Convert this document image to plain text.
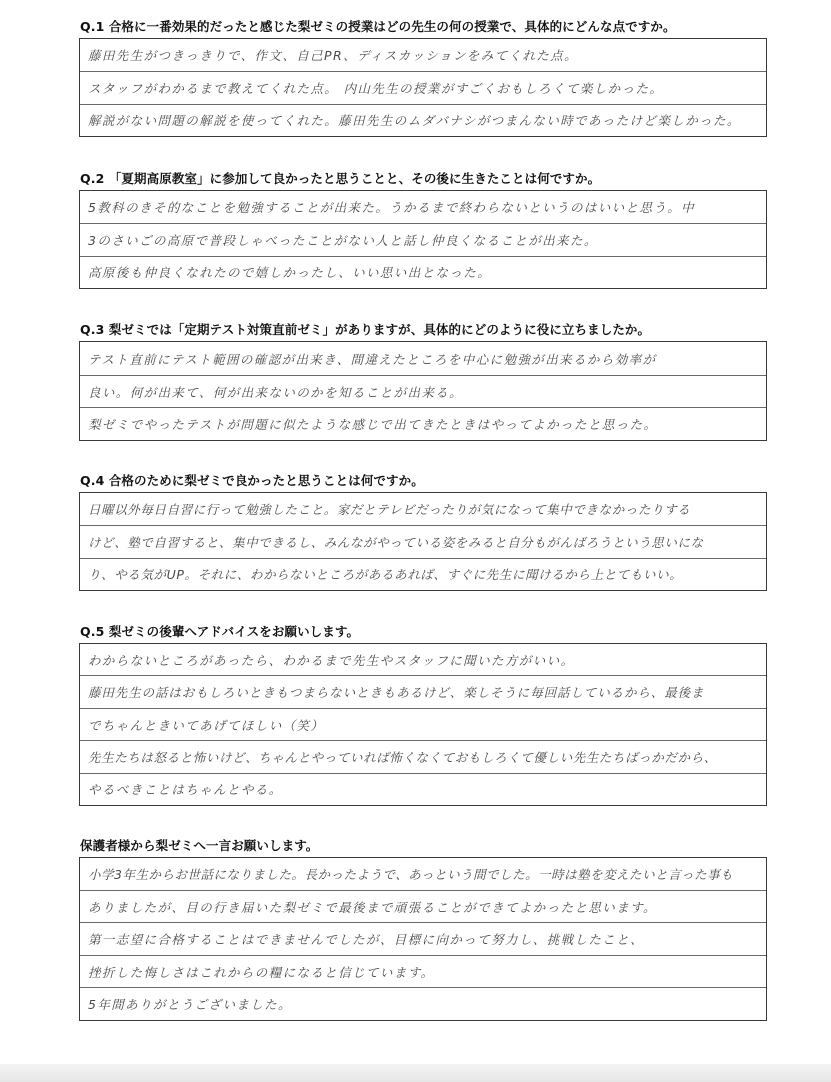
Q.1 合格に一番効果的だったと感じた梨ゼミの授業はどの先生の何の授業で、具体的にどんな点ですか。
藤田先生がつきっきりで、作文、自己PR、ディスカッションをみてくれた点。
スタッフがわかるまで教えてくれた点。 内山先生の授業がすごくおもしろくて楽しかった。
解説がない問題の解説を使ってくれた。藤田先生のムダバナシがつまんない時であったけど楽しかった。
Q.2 「夏期高原教室」に参加して良かったと思うことと、その後に生きたことは何ですか。
5教科のきそ的なことを勉強することが出来た。うかるまで終わらないというのはいいと思う。中
3のさいごの高原で普段しゃべったことがない人と話し仲良くなることが出来た。
高原後も仲良くなれたので嬉しかったし、いい思い出となった。
Q.3 梨ゼミでは「定期テスト対策直前ゼミ」がありますが、具体的にどのように役に立ちましたか。
テスト直前にテスト範囲の確認が出来き、間違えたところを中心に勉強が出来るから効率が
良い。何が出来て、何が出来ないのかを知ることが出来る。
梨ゼミでやったテストが問題に似たような感じで出てきたときはやってよかったと思った。
Q.4 合格のために梨ゼミで良かったと思うことは何ですか。
日曜以外毎日自習に行って勉強したこと。家だとテレビだったりが気になって集中できなかったりする
けど、塾で自習すると、集中できるし、みんながやっている姿をみると自分もがんばろうという思いにな
り、やる気がUP。それに、わからないところがあるあれば、すぐに先生に聞けるから上とてもいい。
Q.5 梨ゼミの後輩へアドバイスをお願いします。
わからないところがあったら、わかるまで先生やスタッフに聞いた方がいい。
藤田先生の話はおもしろいときもつまらないときもあるけど、楽しそうに毎回話しているから、最後ま
でちゃんときいてあげてほしい（笑）
先生たちは怒ると怖いけど、ちゃんとやっていれば怖くなくておもしろくて優しい先生たちばっかだから、
やるべきことはちゃんとやる。
保護者様から梨ゼミへ一言お願いします。
小学3年生からお世話になりました。長かったようで、あっという間でした。一時は塾を変えたいと言った事も
ありましたが、目の行き届いた梨ゼミで最後まで頑張ることができてよかったと思います。
第一志望に合格することはできませんでしたが、目標に向かって努力し、挑戦したこと、
挫折した悔しさはこれからの糧になると信じています。
5年間ありがとうございました。
